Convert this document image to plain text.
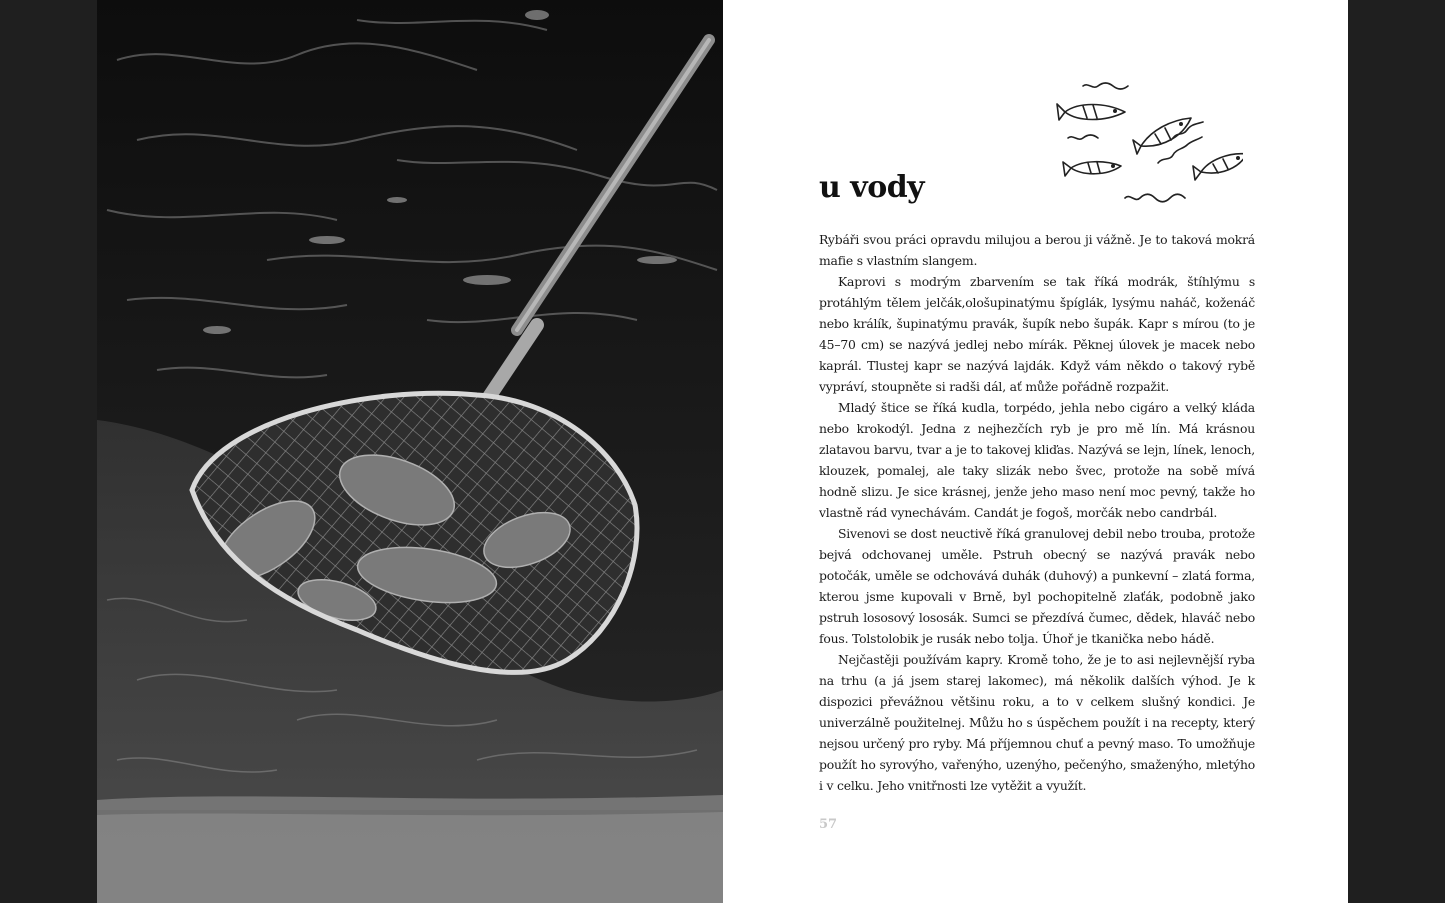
u vody

Rybáři svou práci opravdu milujou a berou ji vážně. Je to taková mokrá mafie s vlastním slangem.

Kaprovi s modrým zbarvením se tak říká modrák, štíhlýmu s protáhlým tělem jelčák,ološupinatýmu špíglák, lysýmu naháč, koženáč nebo králík, šupinatýmu pravák, šupík nebo šupák. Kapr s mírou (to je 45–70 cm) se nazývá jedlej nebo mírák. Pěknej úlovek je macek nebo kaprál. Tlustej kapr se nazývá lajdák. Když vám někdo o takový rybě vypráví, stoupněte si radši dál, ať může pořádně rozpažit.

Mladý štice se říká kudla, torpédo, jehla nebo cigáro a velký kláda nebo krokodýl. Jedna z nejhezčích ryb je pro mě lín. Má krásnou zlatavou barvu, tvar a je to takovej kliďas. Nazývá se lejn, línek, lenoch, klouzek, pomalej, ale taky slizák nebo švec, protože na sobě mívá hodně slizu. Je sice krásnej, jenže jeho maso není moc pevný, takže ho vlastně rád vynechávám. Candát je fogoš, morčák nebo candrbál.

Sivenovi se dost neuctivě říká granulovej debil nebo trouba, protože bejvá odchovanej uměle. Pstruh obecný se nazývá pravák nebo potočák, uměle se odchovává duhák (duhový) a punkevní – zlatá forma, kterou jsme kupovali v Brně, byl pochopitelně zlaťák, podobně jako pstruh lososový lososák. Sumci se přezdívá čumec, dědek, hlaváč nebo fous. Tolstolobik je rusák nebo tolja. Úhoř je tkanička nebo hádě.

Nejčastěji používám kapry. Kromě toho, že je to asi nejlevnější ryba na trhu (a já jsem starej lakomec), má několik dalších výhod. Je k dispozici převážnou většinu roku, a to v celkem slušný kondici. Je univerzálně použitelnej. Můžu ho s úspěchem použít i na recepty, který nejsou určený pro ryby. Má příjemnou chuť a pevný maso. To umožňuje použít ho syrovýho, vařenýho, uzenýho, pečenýho, smaženýho, mletýho i v celku. Jeho vnitřnosti lze vytěžit a využít.

57
